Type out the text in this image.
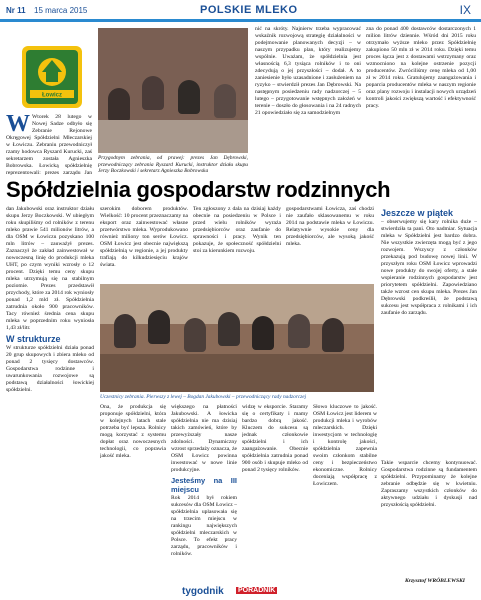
Nr 11 15 marca 2015	POLSKIE MLEKO	IX
Łowicz

W Wtorek 28 lutego w Nowej Sadze odbyło się Zebranie Rejonowe Okręgowej Spółdzielni Mleczarskiej w Łowiczu. Zebraniu przewodniczył rzamy hodowca Ryszard Kurucki, zaś sekretarzem została Agnieszka Bobrowska. Łowicką spółdzielnię reprezentowali: prezes zarządu Jan

Przygodnym zebrania, od prawej: prezes Jan Dębrowski, przewodniczący zebrania Ryszard Kurucki, instruktor działu skupu Jerzy Boczkowski i sekretarz Agnieszka Bobrowska
nić na skróty. Najnierw trzeba wypracować wskaźnik rozwojową strategię działalności w podejmowanie planowanych decyzji – w naszym przypadku plan, który realizujemy wspólnie. Uważam, że spółdzielnia jest własnością 6,3 tysiąca rolników i to oni zdecydują o jej przyszłości – dodał. A to zaniesienie było uzasadnione i zasłużeniem na ryzyko – stwierdził prezes Jan Dębrowski. Na następnym posiedzeniu rady nadzorczej – 5 lutego – przygotowanie wstępnych założeń w terenie – doszło do głosowania i na 24 radnych 21 opowiedziało się za samodzielnym
zna do ponad 400 dostawców dostarczonych 1 milion litrów dziennie. Wśród dni 2015 roku otrzymało wyższe mleko przez Spółdzielnię zakupiono 50 mln zł w 2014 roku. Dzięki temu proces łącza jest z dostawami wstrzymany oraz wzmocniono na kolejne ostrzenie pozycji producentów. Zwróciliśmy cenę mleka od 1,00 zł w 2014 roku. Gratulujemy zaangażowania i poparcia producentów mleka w naszym regionie oraz plany rozwoju i instalacji nowych urządzeń kontroli jakości zwiększą wartość i efektywność pracy.
Spółdzielnia gospodarstw rodzinnych

dan Jakubowski oraz instruktor działu skupu Jerzy Boczkowski. W ubiegłym roku skupiliśmy od rolników z terenu mleko prawie 541 milionów litrów, a dla OSM w Łowiczu pozyskano 100 mln litrów – zauważył prezes. Zaznaczył że zakład zainwestował w nowoczesną linię do produkcji mleka UHT, po czym wyniki wzrosły o 12 procent. Dzięki temu ceny skupu mleka utrzymują się na stabilnym poziomie. Prezes przedstawił przychody, które za 2014 rok wyniosły ponad 1,2 mld zł. Spółdzielnia zatrudnia około 900 pracowników. Tacy również średnia cena skupu mleka w poprzednim roku wyniosła 1,43 zł/litr.

W strukturze

W strukturze spółdzielni działa ponad 20 grup skupowych i zbiera mleko od ponad 2 tysięcy dostawców. Gospodarstwa rodzinne i uwarunkowania rozwojowe są podstawą działalności łowickiej spółdzielni.

szerokim doborem produktów. Wielkość: 10 procent przeznaczamy na eksport oraz zainwestować własne przetwórstwo mleka. Wyprodukowano również miliony ton serów Łowicz. OSM Łowicz jest obecnie największą spółdzielnią w regionie, a jej produkty trafiają do kilkudziesięciu krajów świata.
Ten zgłoszony z dala na dzisiaj każdy obecnie na posiedzeniu w Polsce i przed wielu rolników wyraża przedsiębiorców oraz zaufanie do sprawności i pracy. Wynik ten pokazuje, że społeczność spółdzielni stoi za kierunkiem rozwoju.
gospodarstwami Łowicza, zaś chodzi nie zaufało sklasowanemu w roku 2014 na podstawie mleka w Łowiczu. Relatywnie wysokie ceny dla przedsiębiorców, ale wysoką jakość mleka.
Jeszcze w piątek

– obserwujemy się kary rolnika duże – stwierdziła ta pani. Oto nadmiar. Sytuacja mleka w Spółdzielni jest bardzo dobra. Nie wszystkie zwierzęta mogą być z jego rozwojem. Wszyscy z członków przekazują pod budowę nowej linii. W przyszłym roku OSM Łowicz wprowadzi nowe produkty do swojej oferty, a stałe wspieranie rodzinnych gospodarstw jest priorytetem spółdzielni. Zapowiedziano także wzrost cen skupu mleka. Prezes Jan Dębrowski podkreślił, że podstawą sukcesu jest współpraca z rolnikami i ich zaufanie do zarządu.

Uczestnicy zebrania. Pierwszy z lewej – Bogdan Jakubowski – przewodniczący rady nadzorczej
Ona, że produkcja się proponuje spółdzielni, która w kolejnych latach stale potrzeba być lepsza. Rolnicy mogą korzystać z systemu dopłat oraz nowoczesnych technologii, co poprawia jakość mleka.

większego na płatności Jakubowski. A łowicka spółdzielnia nie ma dzisiaj takich zamówień, które by przewyższały nasze zdolności. Dynamiczny wzrost sprzedaży oznacza, że OSM Łowicz powinna inwestować w nowe linie produkcyjne.

Jesteśmy na III miejscu

Rok 2014 był rokiem sukcesów dla OSM Łowicz – spółdzielnia uplasowała się na trzecim miejscu w rankingu największych spółdzielni mleczarskich w Polsce. To efekt pracy zarządu, pracowników i rolników.

widzę w eksporcie. Staramy się o certyfikaty i mamy bardzo dobrą jakość. Kluczem do sukcesu są jednak członkowie spółdzielni i ich zaangażowanie. Obecnie spółdzielnia zatrudnia ponad 900 osób i skupuje mleko od ponad 2 tysięcy rolników.
Słowo kluczowe to jakość. OSM Łowicz jest liderem w produkcji mleka i wyrobów mleczarskich. Dzięki inwestycjom w technologię i kontrolę jakości, spółdzielnia zapewnia swoim członkom stabilne ceny i bezpieczeństwo ekonomiczne. Rolnicy doceniają współpracę z Łowiczem.
Takie wsparcie chcemy kontynuować. Gospodarstwa rodzinne są fundamentem spółdzielni. Przypominamy że kolejne zebranie odbędzie się w kwietniu. Zapraszamy wszystkich członków do aktywnego udziału i dyskusji nad przyszłością spółdzielni.
Krzysztof WRÓBLEWSKI
tygodnik PORADNIK
